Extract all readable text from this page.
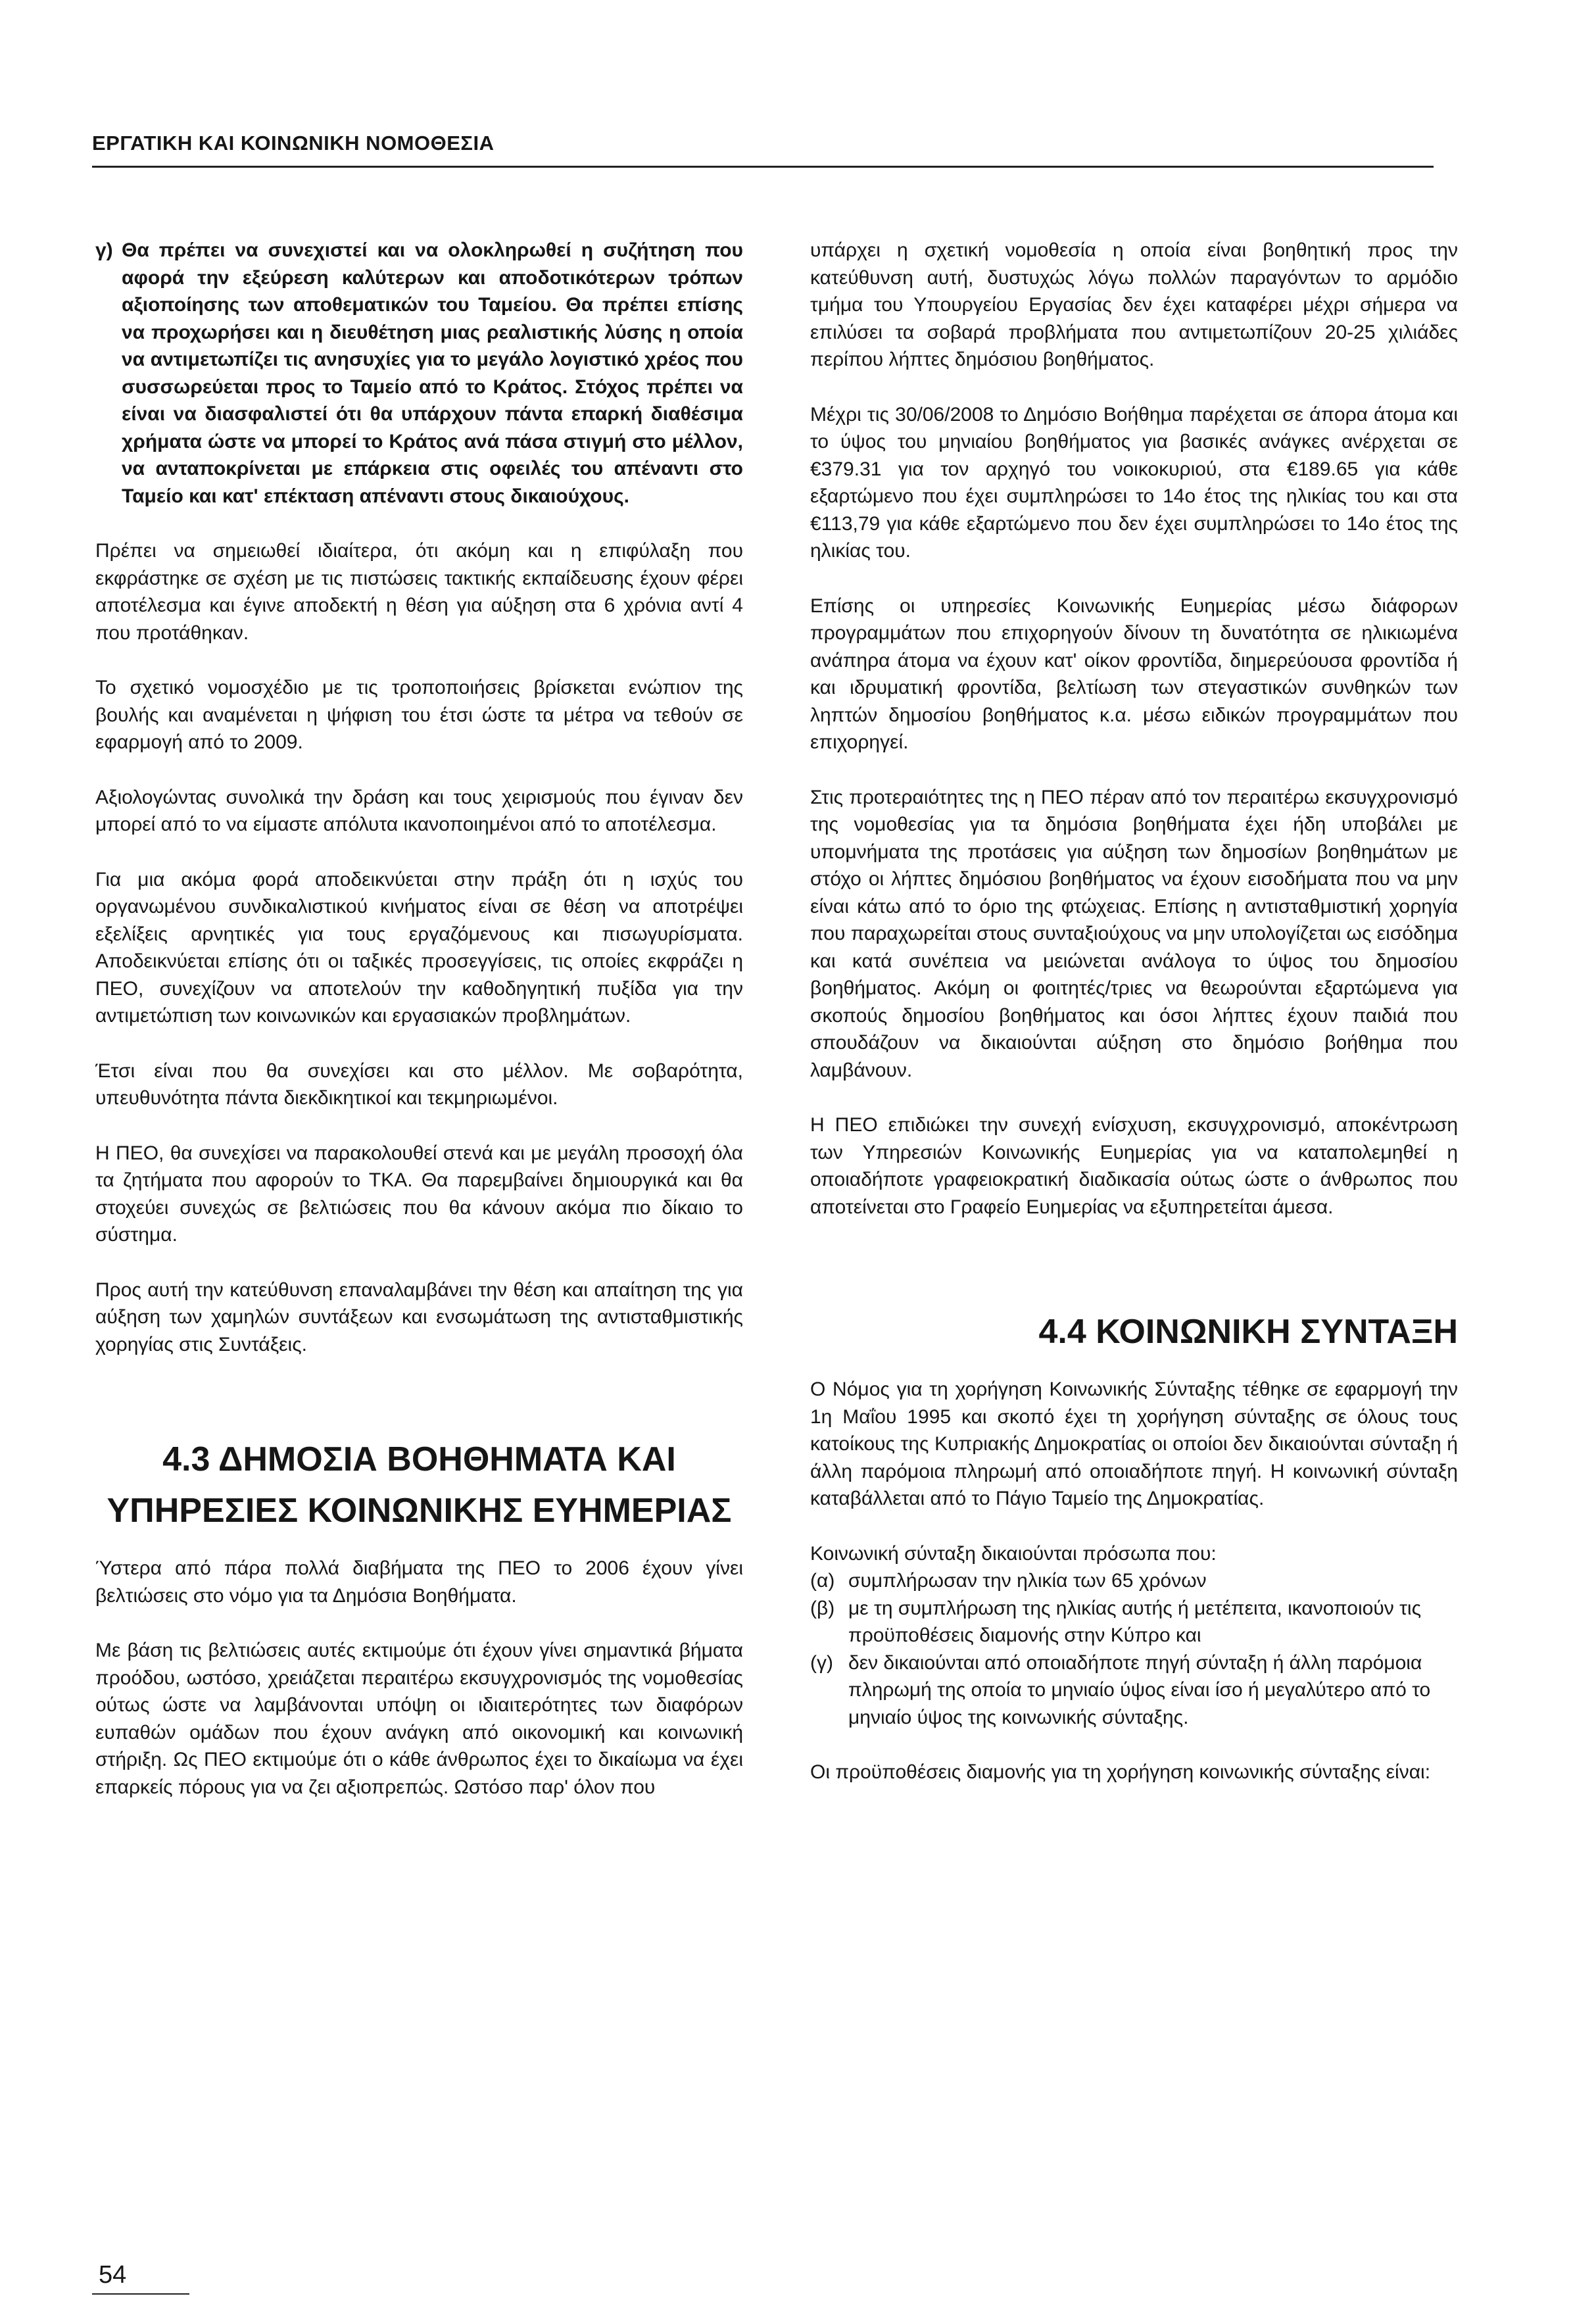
ΕΡΓΑΤΙΚΗ ΚΑΙ ΚΟΙΝΩΝΙΚΗ ΝΟΜΟΘΕΣΙΑ
γ) Θα πρέπει να συνεχιστεί και να ολοκληρωθεί η συζήτηση που αφορά την εξεύρεση καλύτερων και αποδοτικότερων τρόπων αξιοποίησης των αποθεματικών του Ταμείου. Θα πρέπει επίσης να προχωρήσει και η διευθέτηση μιας ρεαλιστικής λύσης η οποία να αντιμετωπίζει τις ανησυχίες για το μεγάλο λογιστικό χρέος που συσσωρεύεται προς το Ταμείο από το Κράτος. Στόχος πρέπει να είναι να διασφαλιστεί ότι θα υπάρχουν πάντα επαρκή διαθέσιμα χρήματα ώστε να μπορεί το Κράτος ανά πάσα στιγμή στο μέλλον, να ανταποκρίνεται με επάρκεια στις οφειλές του απέναντι στο Ταμείο και κατ' επέκταση απέναντι στους δικαιούχους.

Πρέπει να σημειωθεί ιδιαίτερα, ότι ακόμη και η επιφύλαξη που εκφράστηκε σε σχέση με τις πιστώσεις τακτικής εκπαίδευσης έχουν φέρει αποτέλεσμα και έγινε αποδεκτή η θέση για αύξηση στα 6 χρόνια αντί 4 που προτάθηκαν.

Το σχετικό νομοσχέδιο με τις τροποποιήσεις βρίσκεται ενώπιον της βουλής και αναμένεται η ψήφιση του έτσι ώστε τα μέτρα να τεθούν σε εφαρμογή από το 2009.

Αξιολογώντας συνολικά την δράση και τους χειρισμούς που έγιναν δεν μπορεί από το να είμαστε απόλυτα ικανοποιημένοι από το αποτέλεσμα.

Για μια ακόμα φορά αποδεικνύεται στην πράξη ότι η ισχύς του οργανωμένου συνδικαλιστικού κινήματος είναι σε θέση να αποτρέψει εξελίξεις αρνητικές για τους εργαζόμενους και πισωγυρίσματα. Αποδεικνύεται επίσης ότι οι ταξικές προσεγγίσεις, τις οποίες εκφράζει η ΠΕΟ, συνεχίζουν να αποτελούν την καθοδηγητική πυξίδα για την αντιμετώπιση των κοινωνικών και εργασιακών προβλημάτων.

Έτσι είναι που θα συνεχίσει και στο μέλλον. Με σοβαρότητα, υπευθυνότητα πάντα διεκδικητικοί και τεκμηριωμένοι.

Η ΠΕΟ, θα συνεχίσει να παρακολουθεί στενά και με μεγάλη προσοχή όλα τα ζητήματα που αφορούν το ΤΚΑ. Θα παρεμβαίνει δημιουργικά και θα στοχεύει συνεχώς σε βελτιώσεις που θα κάνουν ακόμα πιο δίκαιο το σύστημα.

Προς αυτή την κατεύθυνση επαναλαμβάνει την θέση και απαίτηση της για αύξηση των χαμηλών συντάξεων και ενσωμάτωση της αντισταθμιστικής χορηγίας στις Συντάξεις.

4.3 ΔΗΜΟΣΙΑ ΒΟΗΘΗΜΑΤΑ ΚΑΙ
ΥΠΗΡΕΣΙΕΣ ΚΟΙΝΩΝΙΚΗΣ ΕΥΗΜΕΡΙΑΣ

Ύστερα από πάρα πολλά διαβήματα της ΠΕΟ το 2006 έχουν γίνει βελτιώσεις στο νόμο για τα Δημόσια Βοηθήματα.

Με βάση τις βελτιώσεις αυτές εκτιμούμε ότι έχουν γίνει σημαντικά βήματα προόδου, ωστόσο, χρειάζεται περαιτέρω εκσυγχρονισμός της νομοθεσίας ούτως ώστε να λαμβάνονται υπόψη οι ιδιαιτερότητες των διαφόρων ευπαθών ομάδων που έχουν ανάγκη από οικονομική και κοινωνική στήριξη. Ως ΠΕΟ εκτιμούμε ότι ο κάθε άνθρωπος έχει το δικαίωμα να έχει επαρκείς πόρους για να ζει αξιοπρεπώς. Ωστόσο παρ' όλον που

υπάρχει η σχετική νομοθεσία η οποία είναι βοηθητική προς την κατεύθυνση αυτή, δυστυχώς λόγω πολλών παραγόντων το αρμόδιο τμήμα του Υπουργείου Εργασίας δεν έχει καταφέρει μέχρι σήμερα να επιλύσει τα σοβαρά προβλήματα που αντιμετωπίζουν 20-25 χιλιάδες περίπου λήπτες δημόσιου βοηθήματος.

Μέχρι τις 30/06/2008 το Δημόσιο Βοήθημα παρέχεται σε άπορα άτομα και το ύψος του μηνιαίου βοηθήματος για βασικές ανάγκες ανέρχεται σε €379.31 για τον αρχηγό του νοικοκυριού, στα €189.65 για κάθε εξαρτώμενο που έχει συμπληρώσει το 14ο έτος της ηλικίας του και στα €113,79 για κάθε εξαρτώμενο που δεν έχει συμπληρώσει το 14ο έτος της ηλικίας του.

Επίσης οι υπηρεσίες Κοινωνικής Ευημερίας μέσω διάφορων προγραμμάτων που επιχορηγούν δίνουν τη δυνατότητα σε ηλικιωμένα ανάπηρα άτομα να έχουν κατ' οίκον φροντίδα, διημερεύουσα φροντίδα ή και ιδρυματική φροντίδα, βελτίωση των στεγαστικών συνθηκών των ληπτών δημοσίου βοηθήματος κ.α. μέσω ειδικών προγραμμάτων που επιχορηγεί.

Στις προτεραιότητες της η ΠΕΟ πέραν από τον περαιτέρω εκσυγχρονισμό της νομοθεσίας για τα δημόσια βοηθήματα έχει ήδη υποβάλει με υπομνήματα της προτάσεις για αύξηση των δημοσίων βοηθημάτων με στόχο οι λήπτες δημόσιου βοηθήματος να έχουν εισοδήματα που να μην είναι κάτω από το όριο της φτώχειας. Επίσης η αντισταθμιστική χορηγία που παραχωρείται στους συνταξιούχους να μην υπολογίζεται ως εισόδημα και κατά συνέπεια να μειώνεται ανάλογα το ύψος του δημοσίου βοηθήματος. Ακόμη οι φοιτητές/τριες να θεωρούνται εξαρτώμενα για σκοπούς δημοσίου βοηθήματος και όσοι λήπτες έχουν παιδιά που σπουδάζουν να δικαιούνται αύξηση στο δημόσιο βοήθημα που λαμβάνουν.

Η ΠΕΟ επιδιώκει την συνεχή ενίσχυση, εκσυγχρονισμό, αποκέντρωση των Υπηρεσιών Κοινωνικής Ευημερίας για να καταπολεμηθεί η οποιαδήποτε γραφειοκρατική διαδικασία ούτως ώστε ο άνθρωπος που αποτείνεται στο Γραφείο Ευημερίας να εξυπηρετείται άμεσα.

4.4 ΚΟΙΝΩΝΙΚΗ ΣΥΝΤΑΞΗ

Ο Νόμος για τη χορήγηση Κοινωνικής Σύνταξης τέθηκε σε εφαρμογή την 1η Μαΐου 1995 και σκοπό έχει τη χορήγηση σύνταξης σε όλους τους κατοίκους της Κυπριακής Δημοκρατίας οι οποίοι δεν δικαιούνται σύνταξη ή άλλη παρόμοια πληρωμή από οποιαδήποτε πηγή. Η κοινωνική σύνταξη καταβάλλεται από το Πάγιο Ταμείο της Δημοκρατίας.

Κοινωνική σύνταξη δικαιούνται πρόσωπα που:
(α) συμπλήρωσαν την ηλικία των 65 χρόνων
(β) με τη συμπλήρωση της ηλικίας αυτής ή μετέπειτα, ικανοποιούν τις προϋποθέσεις διαμονής στην Κύπρο και
(γ) δεν δικαιούνται από οποιαδήποτε πηγή σύνταξη ή άλλη παρόμοια πληρωμή της οποία το μηνιαίο ύψος είναι ίσο ή μεγαλύτερο από το μηνιαίο ύψος της κοινωνικής σύνταξης.

Οι προϋποθέσεις διαμονής για τη χορήγηση κοινωνικής σύνταξης είναι:

54
